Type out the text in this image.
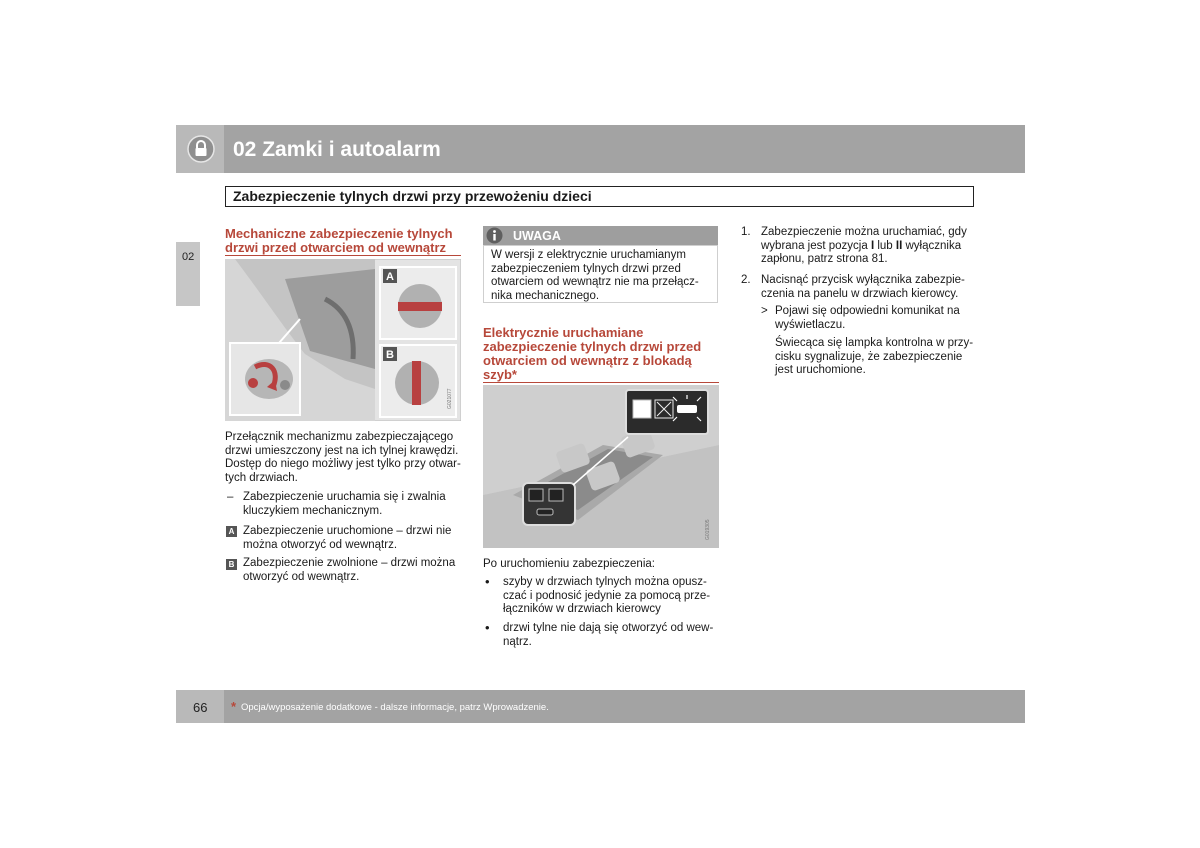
02 Zamki i autoalarm
Zabezpieczenie tylnych drzwi przy przewożeniu dzieci
02
Mechaniczne zabezpieczenie tylnych drzwi przed otwarciem od wewnątrz
A
B
G021077
Przełącznik mechanizmu zabezpieczającego drzwi umieszczony jest na ich tylnej krawędzi. Dostęp do niego możliwy jest tylko przy otwar-tych drzwiach.
– Zabezpieczenie uruchamia się i zwalnia kluczykiem mechanicznym.
A Zabezpieczenie uruchomione – drzwi nie można otworzyć od wewnątrz.
B Zabezpieczenie zwolnione – drzwi można otworzyć od wewnątrz.
UWAGA
W wersji z elektrycznie uruchamianym zabezpieczeniem tylnych drzwi przed otwarciem od wewnątrz nie ma przełącz-nika mechanicznego.
Elektrycznie uruchamiane zabezpieczenie tylnych drzwi przed otwarciem od wewnątrz z blokadą szyb*
G019305
Po uruchomieniu zabezpieczenia:
• szyby w drzwiach tylnych można opusz-czać i podnosić jedynie za pomocą prze-łączników w drzwiach kierowcy
• drzwi tylne nie dają się otworzyć od wew-nątrz.
1. Zabezpieczenie można uruchamiać, gdy wybrana jest pozycja I lub II wyłącznika zapłonu, patrz strona 81.
2. Nacisnąć przycisk wyłącznika zabezpie-czenia na panelu w drzwiach kierowcy.
> Pojawi się odpowiedni komunikat na wyświetlaczu.
Świecąca się lampka kontrolna w przy-cisku sygnalizuje, że zabezpieczenie jest uruchomione.
66 * Opcja/wyposażenie dodatkowe - dalsze informacje, patrz Wprowadzenie.
